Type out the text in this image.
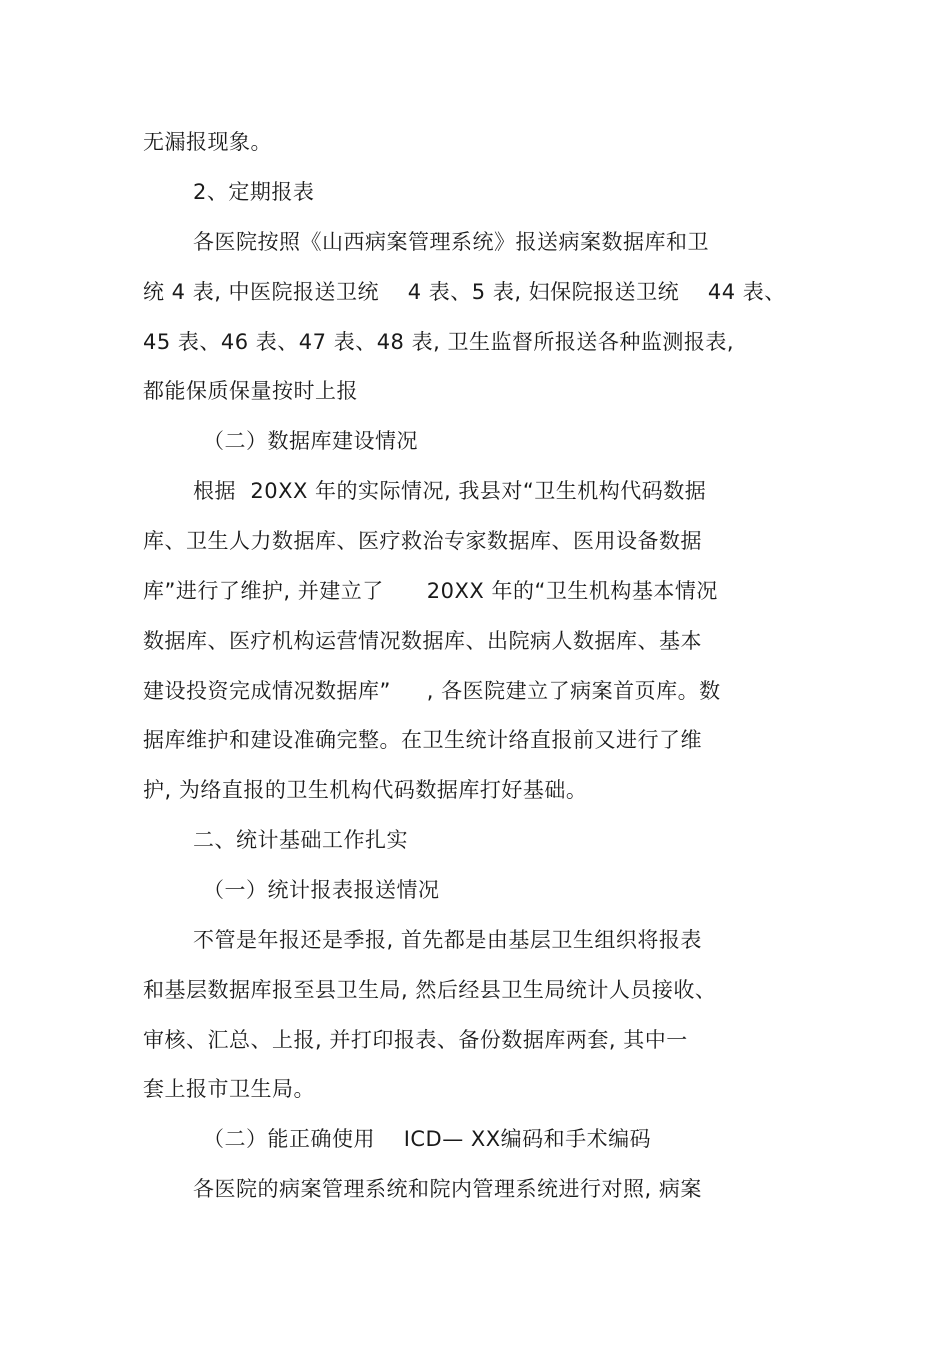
无漏报现象。
2、定期报表
各医院按照《山西病案管理系统》报送病案数据库和卫
统 4 表, 中医院报送卫统    4 表、5 表, 妇保院报送卫统    44 表、
45 表、46 表、47 表、48 表, 卫生监督所报送各种监测报表,
都能保质保量按时上报
（二）数据库建设情况
根据  20XX 年的实际情况, 我县对“卫生机构代码数据
库、卫生人力数据库、医疗救治专家数据库、医用设备数据
库”进行了维护, 并建立了      20XX 年的“卫生机构基本情况
数据库、医疗机构运营情况数据库、出院病人数据库、基本
建设投资完成情况数据库”     , 各医院建立了病案首页库。数
据库维护和建设准确完整。在卫生统计络直报前又进行了维
护, 为络直报的卫生机构代码数据库打好基础。
二、统计基础工作扎实
（一）统计报表报送情况
不管是年报还是季报, 首先都是由基层卫生组织将报表
和基层数据库报至县卫生局, 然后经县卫生局统计人员接收、
审核、汇总、上报, 并打印报表、备份数据库两套, 其中一
套上报市卫生局。
（二）能正确使用    ICD— XX编码和手术编码
各医院的病案管理系统和院内管理系统进行对照, 病案
